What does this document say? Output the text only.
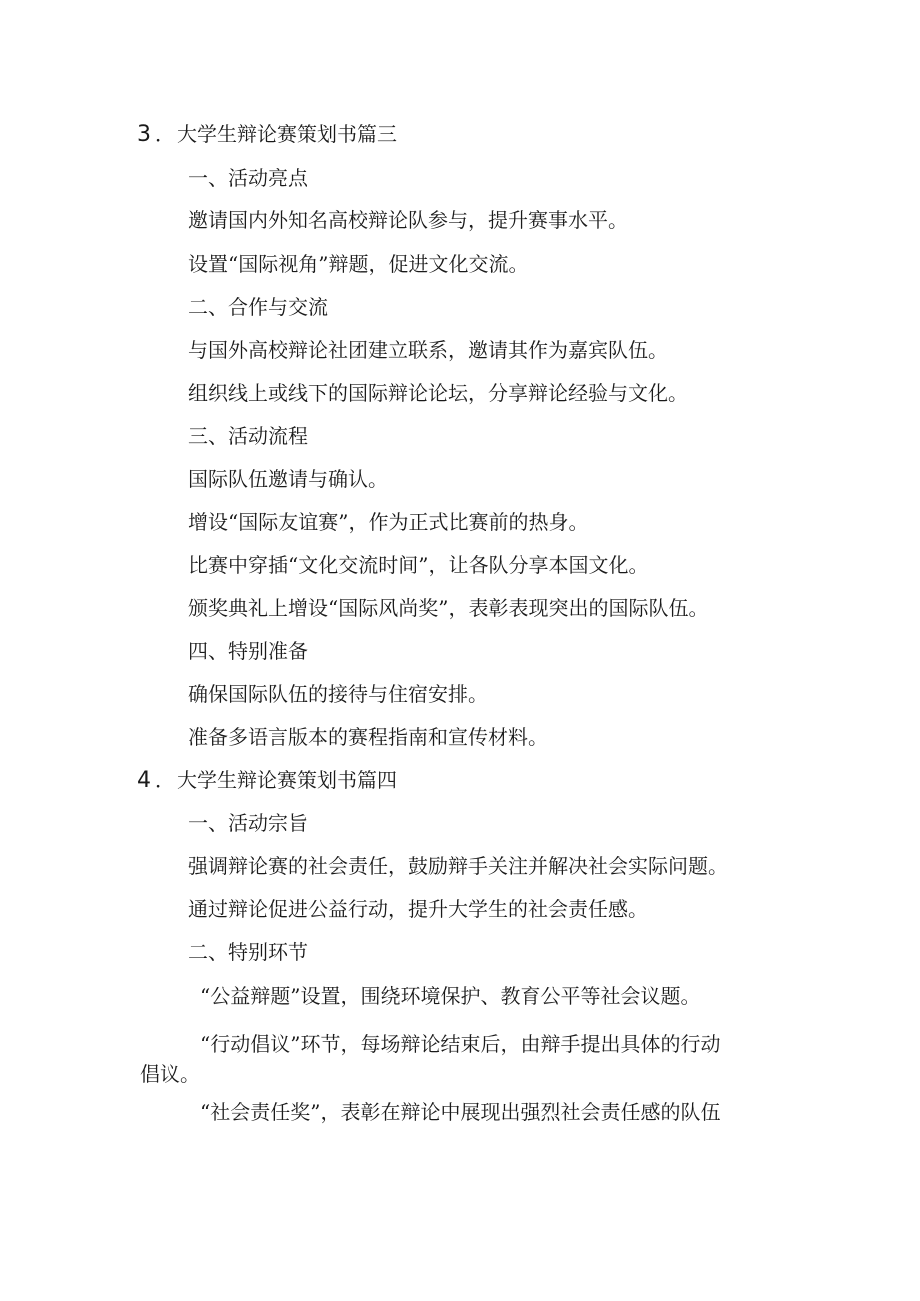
3 ． 大学生辩论赛策划书篇三
一、活动亮点
邀请国内外知名高校辩论队参与，提升赛事水平。
设置“国际视角”辩题，促进文化交流。
二、合作与交流
与国外高校辩论社团建立联系，邀请其作为嘉宾队伍。
组织线上或线下的国际辩论论坛，分享辩论经验与文化。
三、活动流程
国际队伍邀请与确认。
增设“国际友谊赛”，作为正式比赛前的热身。
比赛中穿插“文化交流时间”，让各队分享本国文化。
颁奖典礼上增设“国际风尚奖”，表彰表现突出的国际队伍。
四、特别准备
确保国际队伍的接待与住宿安排。
准备多语言版本的赛程指南和宣传材料。
4 ． 大学生辩论赛策划书篇四
一、活动宗旨
强调辩论赛的社会责任，鼓励辩手关注并解决社会实际问题。
通过辩论促进公益行动，提升大学生的社会责任感。
二、特别环节
“公益辩题”设置，围绕环境保护、教育公平等社会议题。
“行动倡议”环节，每场辩论结束后，由辩手提出具体的行动
倡议。
“社会责任奖”，表彰在辩论中展现出强烈社会责任感的队伍
